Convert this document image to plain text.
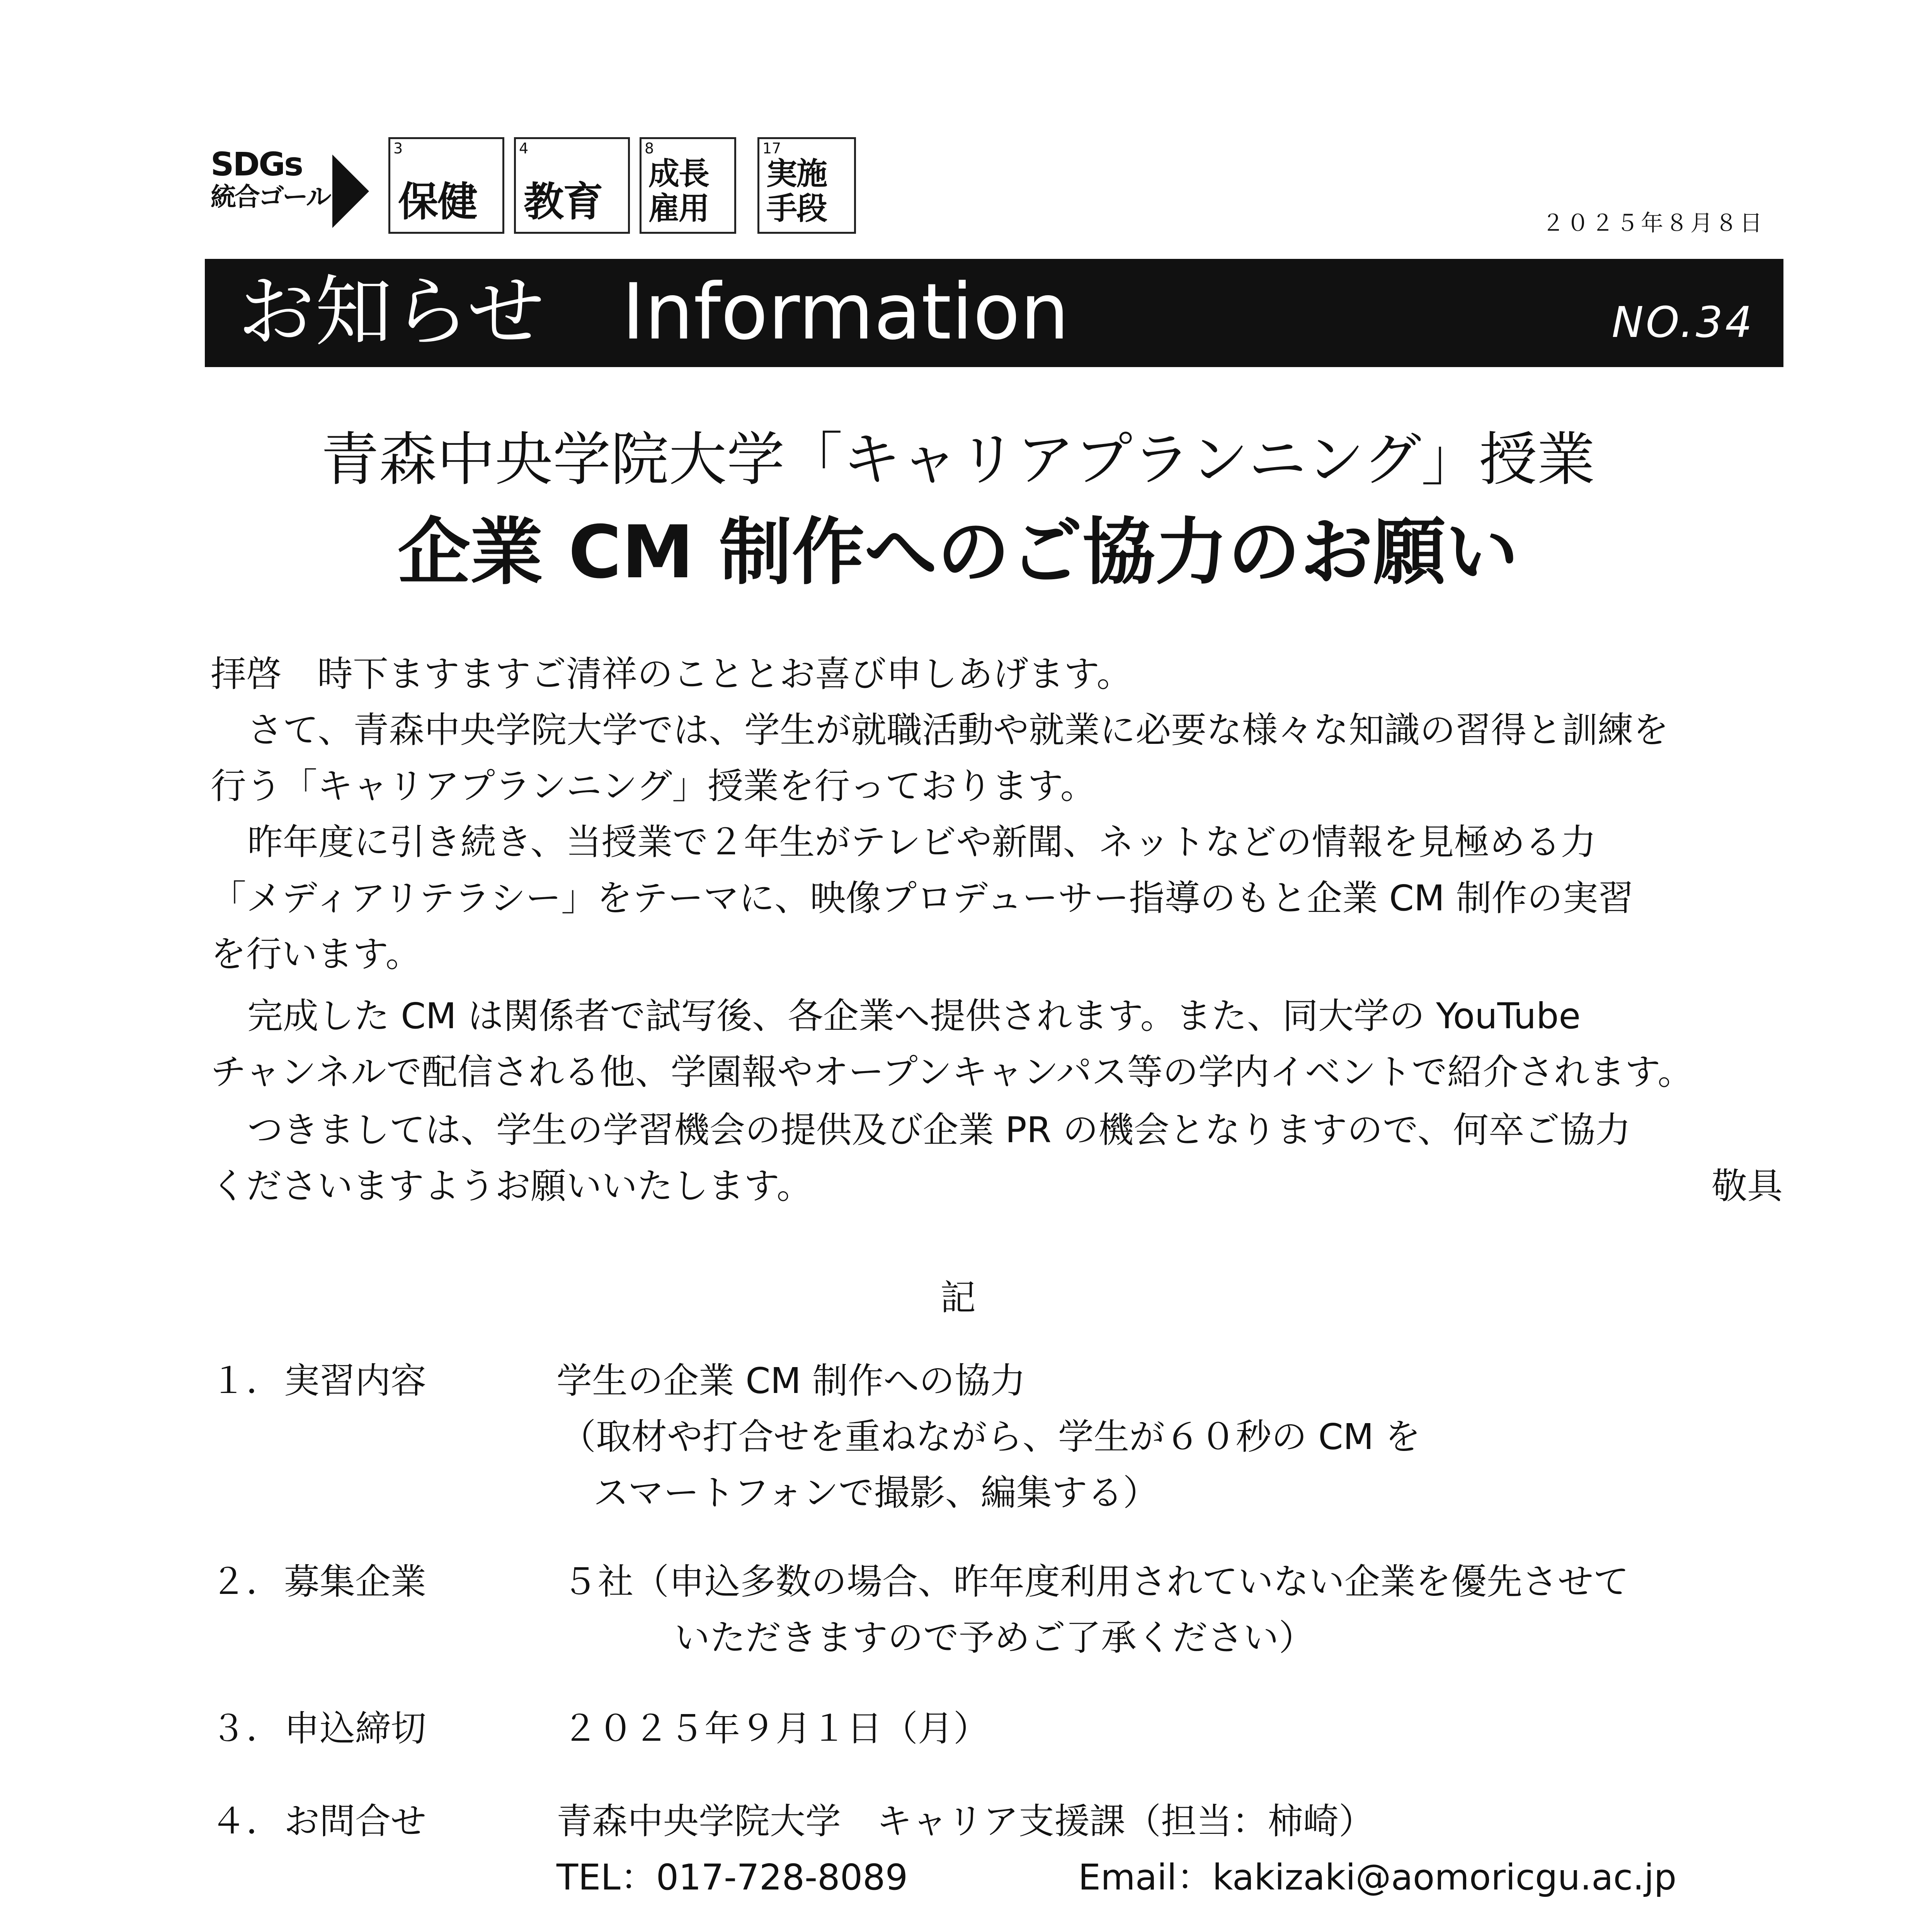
SDGs
統合ゴール
3
保健
4
教育
8
成長
雇用
17
実施
手段	２０２５年８月８日
お知らせ　Information	NO.34
青森中央学院大学「キャリアプランニング」授業
企業 CM 制作へのご協力のお願い
拝啓　時下ますますご清祥のこととお喜び申しあげます。
さて、青森中央学院大学では、学生が就職活動や就業に必要な様々な知識の習得と訓練を
行う「キャリアプランニング」授業を行っております。
昨年度に引き続き、当授業で２年生がテレビや新聞、ネットなどの情報を見極める力
「メディアリテラシー」をテーマに、映像プロデューサー指導のもと企業 CM 制作の実習
を行います。
完成した CM は関係者で試写後、各企業へ提供されます。また、同大学の YouTube
チャンネルで配信される他、学園報やオープンキャンパス等の学内イベントで紹介されます。
つきましては、学生の学習機会の提供及び企業 PR の機会となりますので、何卒ご協力
くださいますようお願いいたします。	敬具
記
１． 実習内容	学生の企業 CM 制作への協力
（取材や打合せを重ねながら、学生が６０秒の CM を
スマートフォンで撮影、編集する）
２． 募集企業	５社（申込多数の場合、昨年度利用されていない企業を優先させて
いただきますので予めご了承ください）
３． 申込締切	２０２５年９月１日（月）
４． お問合せ	青森中央学院大学　キャリア支援課（担当：柿崎）
TEL：017-728-8089	Email：kakizaki@aomoricgu.ac.jp
